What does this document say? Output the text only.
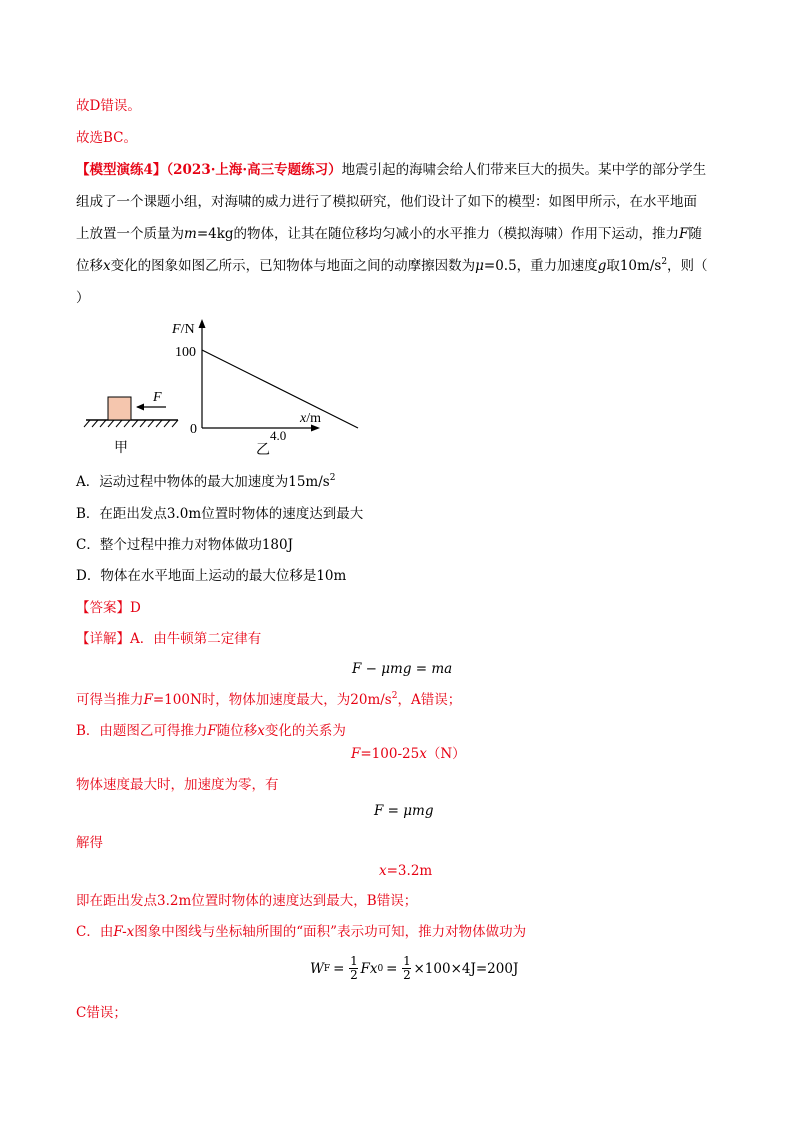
故D错误。
故选BC。
【模型演练4】（2023·上海·高三专题练习）地震引起的海啸会给人们带来巨大的损失。某中学的部分学生
组成了一个课题小组，对海啸的威力进行了模拟研究，他们设计了如下的模型：如图甲所示，在水平地面
上放置一个质量为m=4kg的物体，让其在随位移均匀减小的水平推力（模拟海啸）作用下运动，推力F随
位移x变化的图象如图乙所示，已知物体与地面之间的动摩擦因数为μ=0.5，重力加速度g取$10m/s^2$，则（
）
F
甲
F/N
100
0
x/m
4.0
乙
A．运动过程中物体的最大加速度为$15m/s^2$
B．在距出发点3.0m位置时物体的速度达到最大
C．整个过程中推力对物体做功180J
D．物体在水平地面上运动的最大位移是10m
【答案】D
【详解】A．由牛顿第二定律有
F − μmg = ma
可得当推力F=100N时，物体加速度最大，为$20m/s^2$，A错误；
B．由题图乙可得推力F随位移x变化的关系为
F=100-25x（N）
物体速度最大时，加速度为零，有
F = μmg
解得
x=3.2m
即在距出发点3.2m位置时物体的速度达到最大，B错误；
C．由F-x图象中图线与坐标轴所围的“面积”表示功可知，推力对物体做功为
W $F = \frac{1}{2}$ Fx $0 = \frac{1}{2} \times 100\times 4J=200J$
C错误；
